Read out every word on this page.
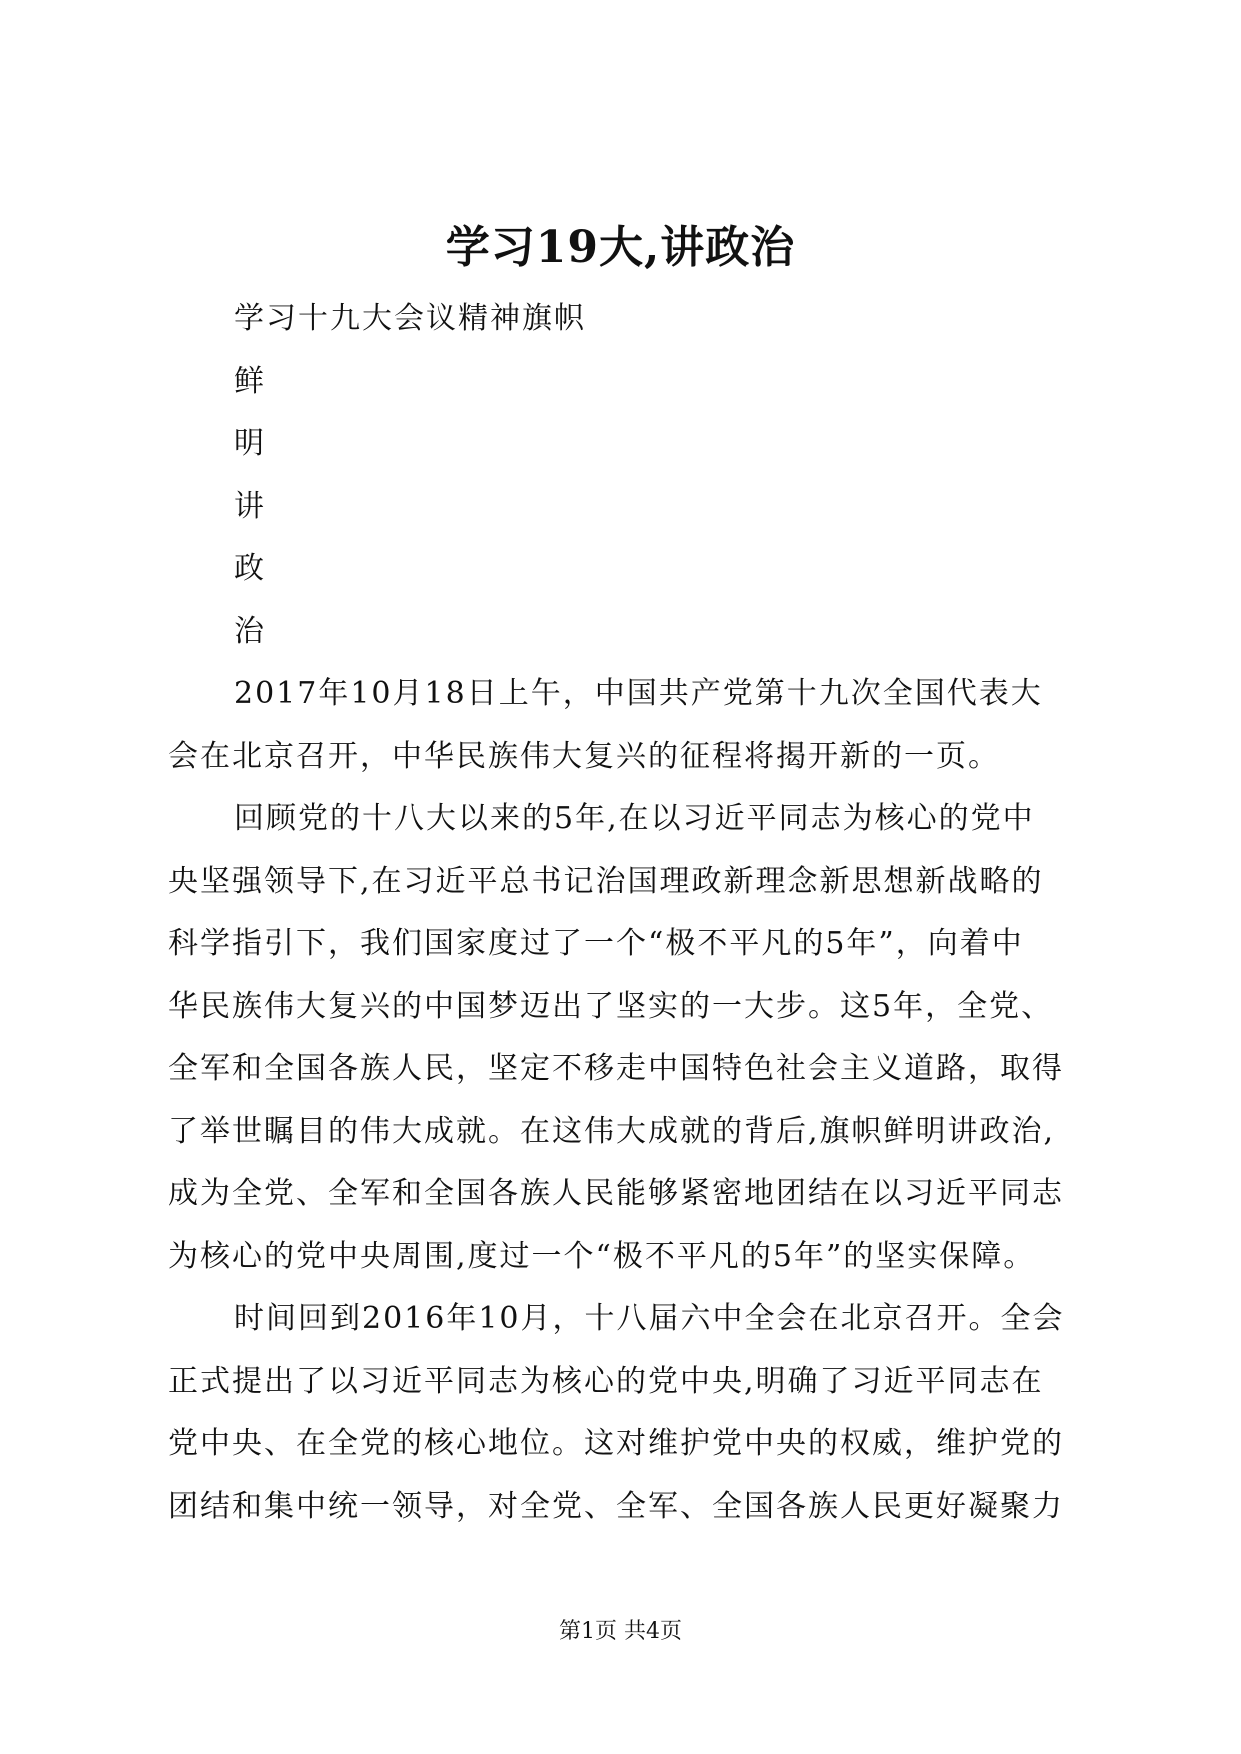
学习19大,讲政治
学习十九大会议精神旗帜
鲜
明
讲
政
治
2017年10月18日上午，中国共产党第十九次全国代表大
会在北京召开，中华民族伟大复兴的征程将揭开新的一页。
回顾党的十八大以来的5年,在以习近平同志为核心的党中
央坚强领导下,在习近平总书记治国理政新理念新思想新战略的
科学指引下，我们国家度过了一个“极不平凡的5年”，向着中
华民族伟大复兴的中国梦迈出了坚实的一大步。这5年，全党、
全军和全国各族人民，坚定不移走中国特色社会主义道路，取得
了举世瞩目的伟大成就。在这伟大成就的背后,旗帜鲜明讲政治,
成为全党、全军和全国各族人民能够紧密地团结在以习近平同志
为核心的党中央周围,度过一个“极不平凡的5年”的坚实保障。
时间回到2016年10月，十八届六中全会在北京召开。全会
正式提出了以习近平同志为核心的党中央,明确了习近平同志在
党中央、在全党的核心地位。这对维护党中央的权威，维护党的
团结和集中统一领导，对全党、全军、全国各族人民更好凝聚力
第1页 共4页
